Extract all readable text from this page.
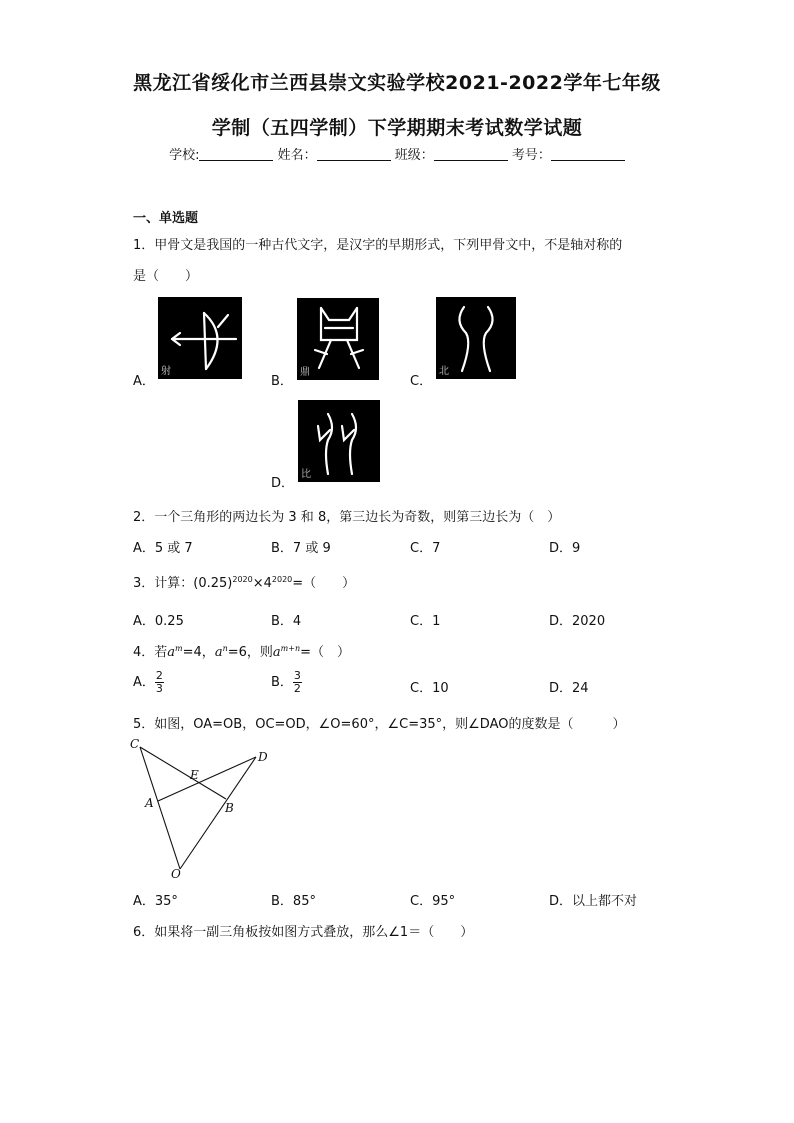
黑龙江省绥化市兰西县崇文实验学校2021-2022学年七年级
学制（五四学制）下学期期末考试数学试题
学校:	姓名：	班级：	考号：
一、单选题
1．甲骨文是我国的一种古代文字，是汉字的早期形式，下列甲骨文中，不是轴对称的
是（　　）
A．
射
B．
鼎
C．
北
D．
比
2．一个三角形的两边长为 3 和 8，第三边长为奇数，则第三边长为（　）
A．5 或 7	B．7 或 9	C．7	D．9
3．计算：$(0.25)^{2020}\times 4^{2020}=$（　　）
A．0.25	B．4	C．1	D．2020
4．若$a^m=4$，$a^n=6$，则$a^{m+n}=$（　）
A． $\frac{2}{3}$	B． $\frac{3}{2}$	C．10	D．24
5．如图，OA=OB，OC=OD，∠O=60°，∠C=35°，则∠DAO的度数是（　　　）
C
D
E
A	B
O
A．35°	B．85°	C．95°	D．以上都不对
6．如果将一副三角板按如图方式叠放，那么∠1＝（　　）
